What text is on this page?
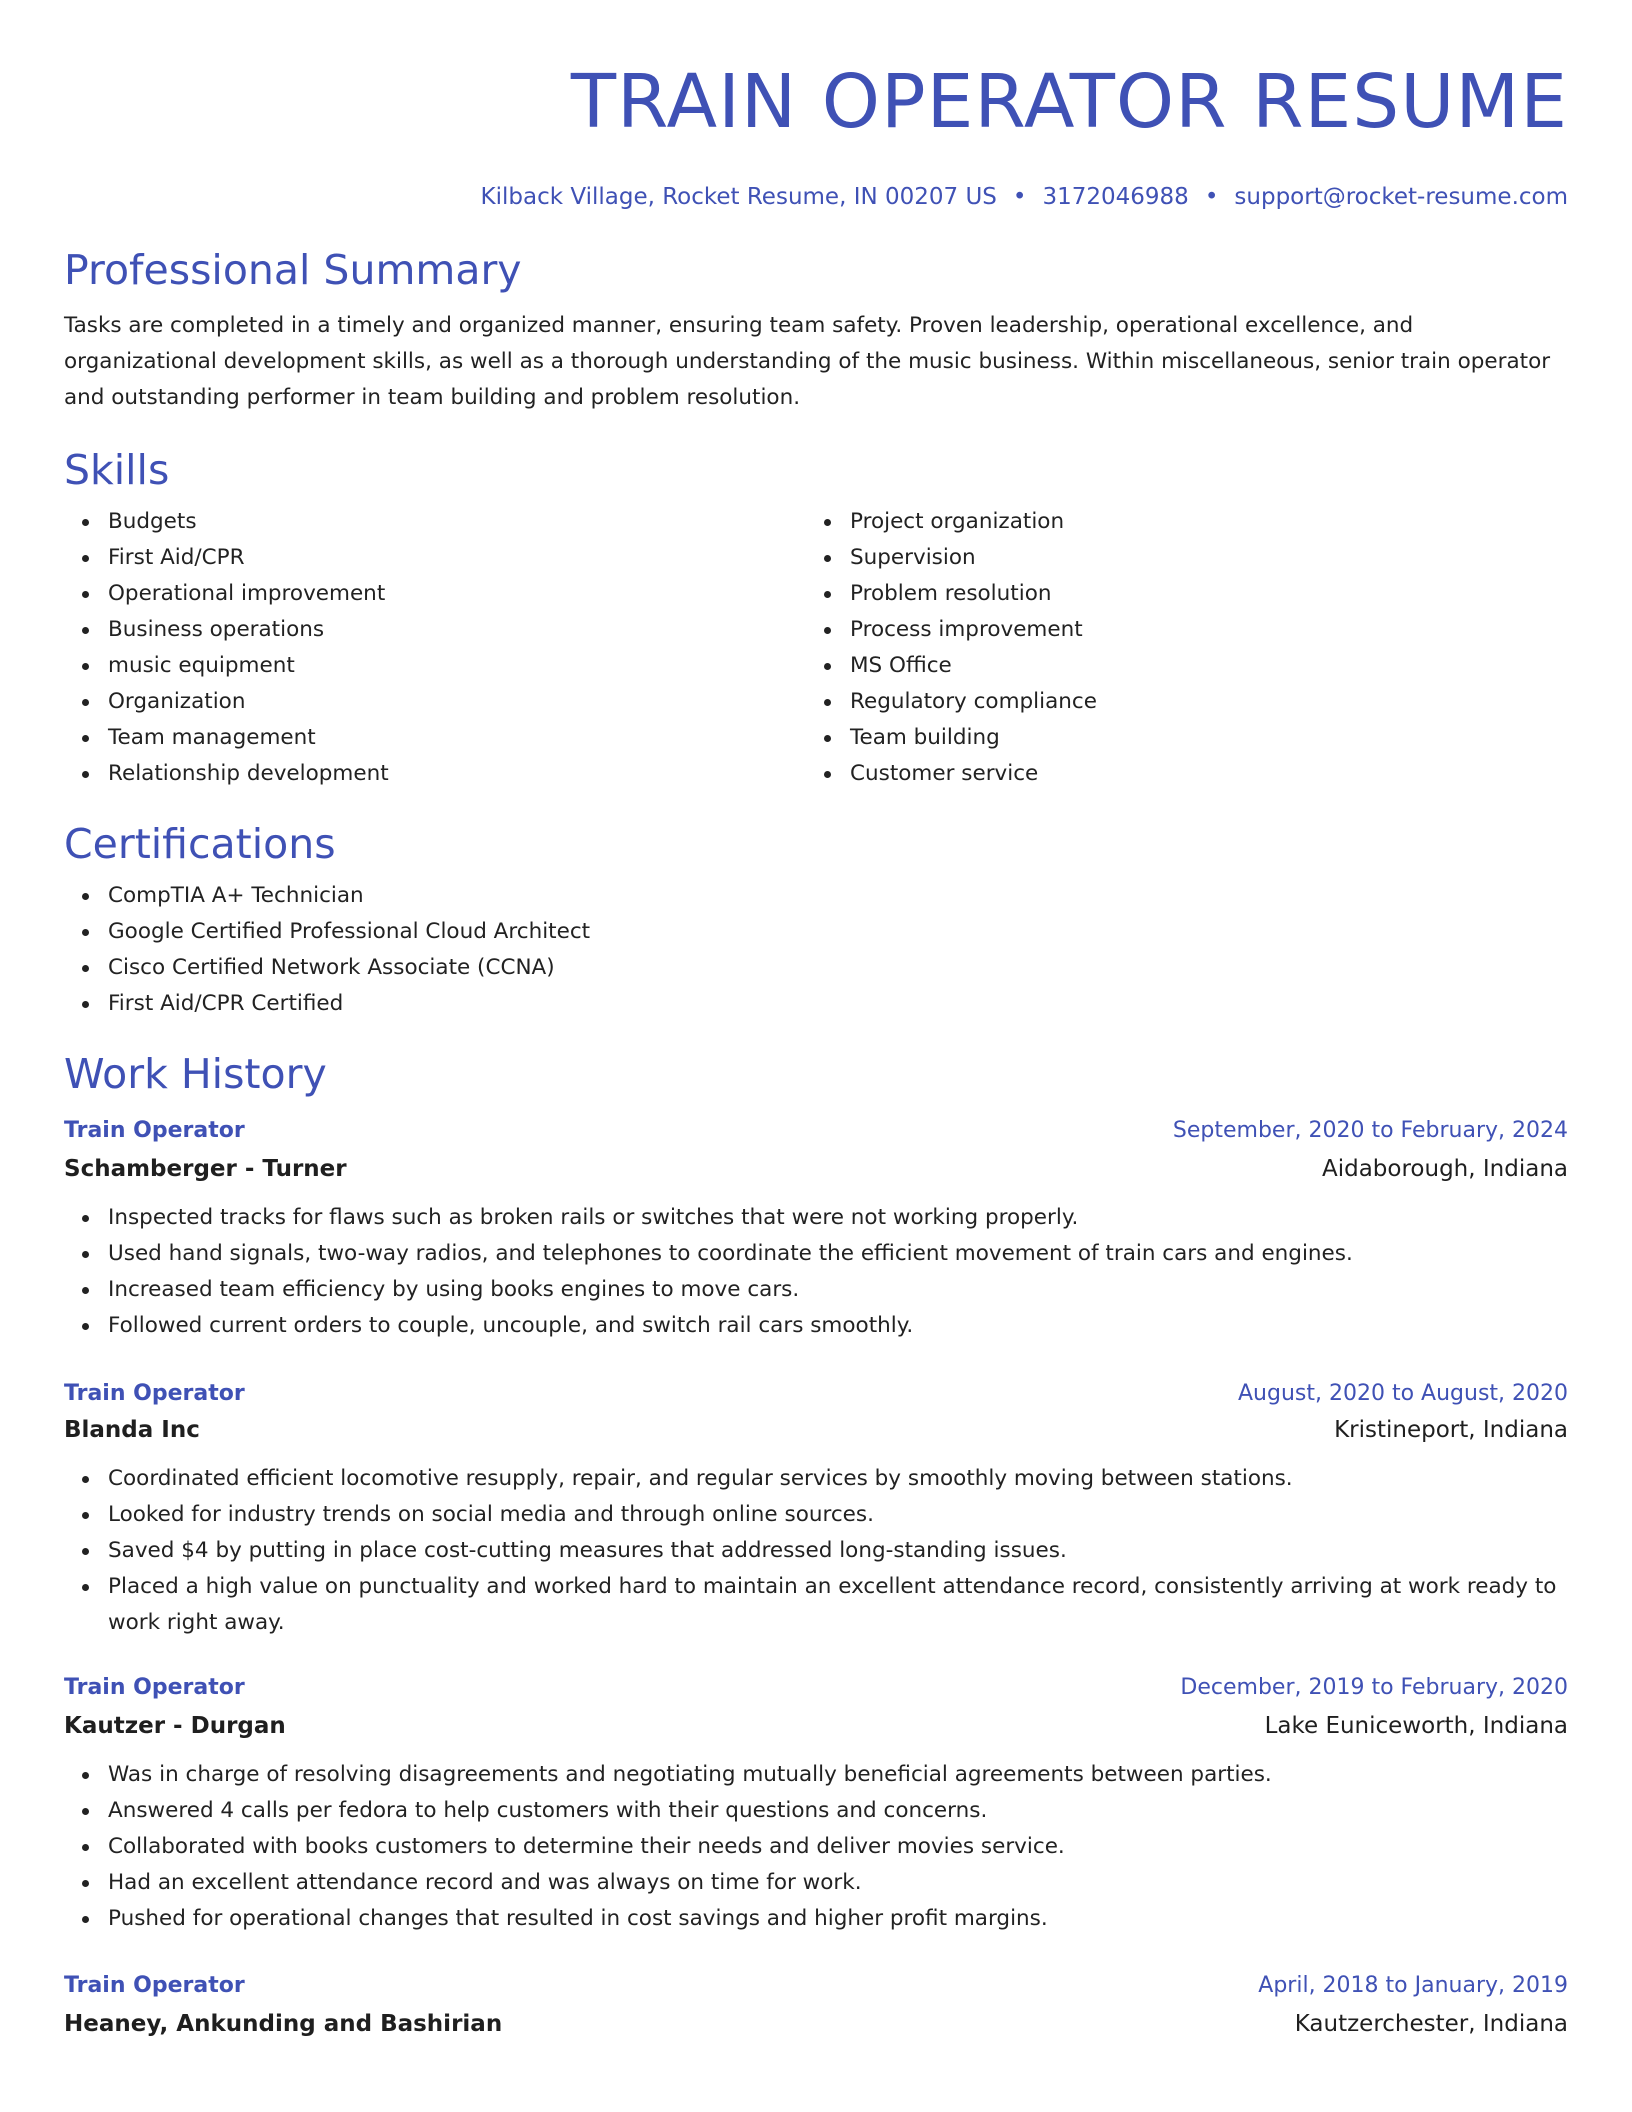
TRAIN OPERATOR RESUME
Kilback Village, Rocket Resume, IN 00207 US • 3172046988 • support@rocket-resume.com
Professional Summary

Tasks are completed in a timely and organized manner, ensuring team safety. Proven leadership, operational excellence, and organizational development skills, as well as a thorough understanding of the music business. Within miscellaneous, senior train operator and outstanding performer in team building and problem resolution.

Skills
Budgets
First Aid/CPR
Operational improvement
Business operations
music equipment
Organization
Team management
Relationship development
Project organization
Supervision
Problem resolution
Process improvement
MS Office
Regulatory compliance
Team building
Customer service
Certifications
CompTIA A+ Technician
Google Certified Professional Cloud Architect
Cisco Certified Network Associate (CCNA)
First Aid/CPR Certified
Work History
Train Operator	September, 2020 to February, 2024
Schamberger - Turner	Aidaborough, Indiana
Inspected tracks for flaws such as broken rails or switches that were not working properly.
Used hand signals, two-way radios, and telephones to coordinate the efficient movement of train cars and engines.
Increased team efficiency by using books engines to move cars.
Followed current orders to couple, uncouple, and switch rail cars smoothly.
Train Operator	August, 2020 to August, 2020
Blanda Inc	Kristineport, Indiana
Coordinated efficient locomotive resupply, repair, and regular services by smoothly moving between stations.
Looked for industry trends on social media and through online sources.
Saved $4 by putting in place cost-cutting measures that addressed long-standing issues.
Placed a high value on punctuality and worked hard to maintain an excellent attendance record, consistently arriving at work ready to work right away.
Train Operator	December, 2019 to February, 2020
Kautzer - Durgan	Lake Euniceworth, Indiana
Was in charge of resolving disagreements and negotiating mutually beneficial agreements between parties.
Answered 4 calls per fedora to help customers with their questions and concerns.
Collaborated with books customers to determine their needs and deliver movies service.
Had an excellent attendance record and was always on time for work.
Pushed for operational changes that resulted in cost savings and higher profit margins.
Train Operator	April, 2018 to January, 2019
Heaney, Ankunding and Bashirian	Kautzerchester, Indiana
